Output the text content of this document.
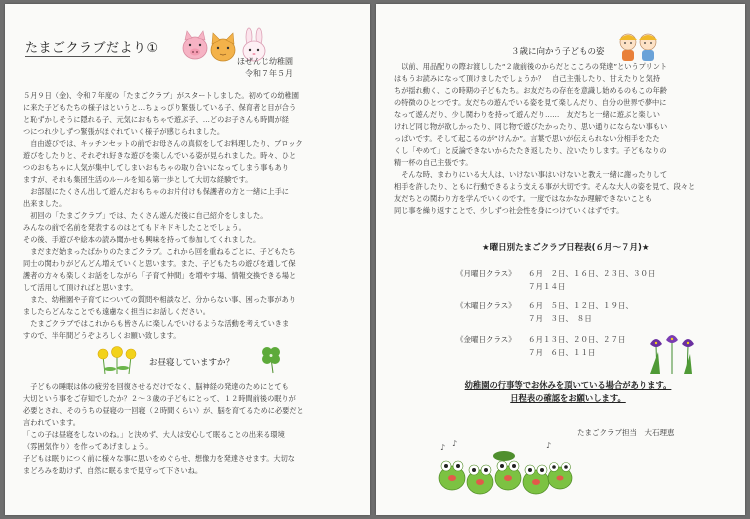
たまごクラブだより①
ほぜんじ幼稚園
令和７年５月
５月９日（金)、令和７年度の「たまごクラブ」がスタートしました。初めての幼稚園
に来た子どもたちの様子はというと…ちょっぴり緊張している子、保育者と目が合う
と恥ずかしそうに隠れる子、元気におもちゃで遊ぶ子、…どのお子さんも時間が経
つにつれ少しずつ緊張がほぐれていく様子が感じられました。
　自由遊びでは、キッチンセットの前でお母さんの真似をしてお料理したり、ブロック
遊びをしたりと、それぞれ好きな遊びを楽しんでいる姿が見られました。時々、ひと
つのおもちゃに人気が集中してしまいおもちゃの取り合いになってしまう事もあり
ますが、それも集団生活のルールを知る第一歩として大切な経験です。
　お部屋にたくさん出して遊んだおもちゃのお片付けも保護者の方と一緒に上手に
出来ました。
　初回の「たまごクラブ」では、たくさん遊んだ後に自己紹介をしました。
みんなの前で名前を発表するのはとてもドキドキしたことでしょう。
その後、手遊びや絵本の読み聞かせも興味を持って参加してくれました。
　まだまだ始まったばかりのたまごクラブ。これから回を重ねるごとに、子どもたち
同士の関わりがどんどん増えていくと思います。また、子どもたちの遊びを通して保
護者の方々も楽しくお話をしながら「子育て仲間」を増やす場、情報交換できる場と
して活用して頂ければと思います。
　また、幼稚園や子育てについての質問や相談など、分からない事、困った事があり
ましたらどんなことでも遠慮なく担当にお話しください。
　たまごクラブではこれからも皆さんに楽しんでいけるような活動を考えていきま
すので、半年間どうぞよろしくお願い致します。
お昼寝していますか？
　子どもの睡眠は体の疲労を回復させるだけでなく、脳神経の発達のためにとても
大切という事をご存知でしたか？２～３歳の子どもにとって、１２時間前後の眠りが
必要とされ、そのうちの昼寝の一回寝（２時間くらい）が、脳を育てるために必要だと
言われています。
「この子は昼寝をしないのね。」と決めず、大人は安心して眠ることの出来る環境
（雰囲気作り）を作ってあげましょう。
子どもは眠りにつく前に様々な事に思いをめぐらせ、想像力を発達させます。大切な
まどろみを助けず、自然に眠るまで見守って下さいね。
３歳に向かう子どもの姿
　以前、用品配りの際お渡しした“２歳前後のからだとこころの発達”というプリント
はもうお読みになって頂けましたでしょうか？　自己主張したり、甘えたりと気持
ちが揺れ動く、この時期の子どもたち。お友だちの存在を意識し始めるのもこの年齢
の特徴のひとつです。友だちの遊んでいる姿を見て楽しんだり、自分の世界で夢中に
なって遊んだり、少し関わりを持って遊んだり……　友だちと一緒に遊ぶと楽しい
けれど同じ物が欲しかったり、同じ物で遊びたかったり、思い通りにならない事もい
っぱいです。そして起こるのが“けんか”。言葉で思いが伝えられない分相手をたた
くし「やめて」と反論できないからたたき返したり、泣いたりします。子どもなりの
精一杯の自己主張です。
　そんな時、まわりにいる大人は、いけない事はいけないと教え一緒に謝ったりして
相手を許したり、ともに行動できるよう支える事が大切です。そんな大人の姿を見て、段々と
友だちとの関わり方を学んでいくのです。一度ではなかなか理解できないことも
同じ事を繰り返すことで、少しずつ社会性を身につけていくはずです。
★曜日別たまごクラブ日程表(６月～７月)★
《月曜日クラス》 ６月　２日、１６日、２３日、３０日
７月１４日
《木曜日クラス》 ６月　５日、１２日、１９日、
７月　３日、　８日
《金曜日クラス》 ６月１３日、２０日、２７日
７月　６日、１１日
幼稚園の行事等でお休みを頂いている場合があります。
日程表の確認をお願いします。
たまごクラブ担当　大石理恵
♪ ♪	♪
